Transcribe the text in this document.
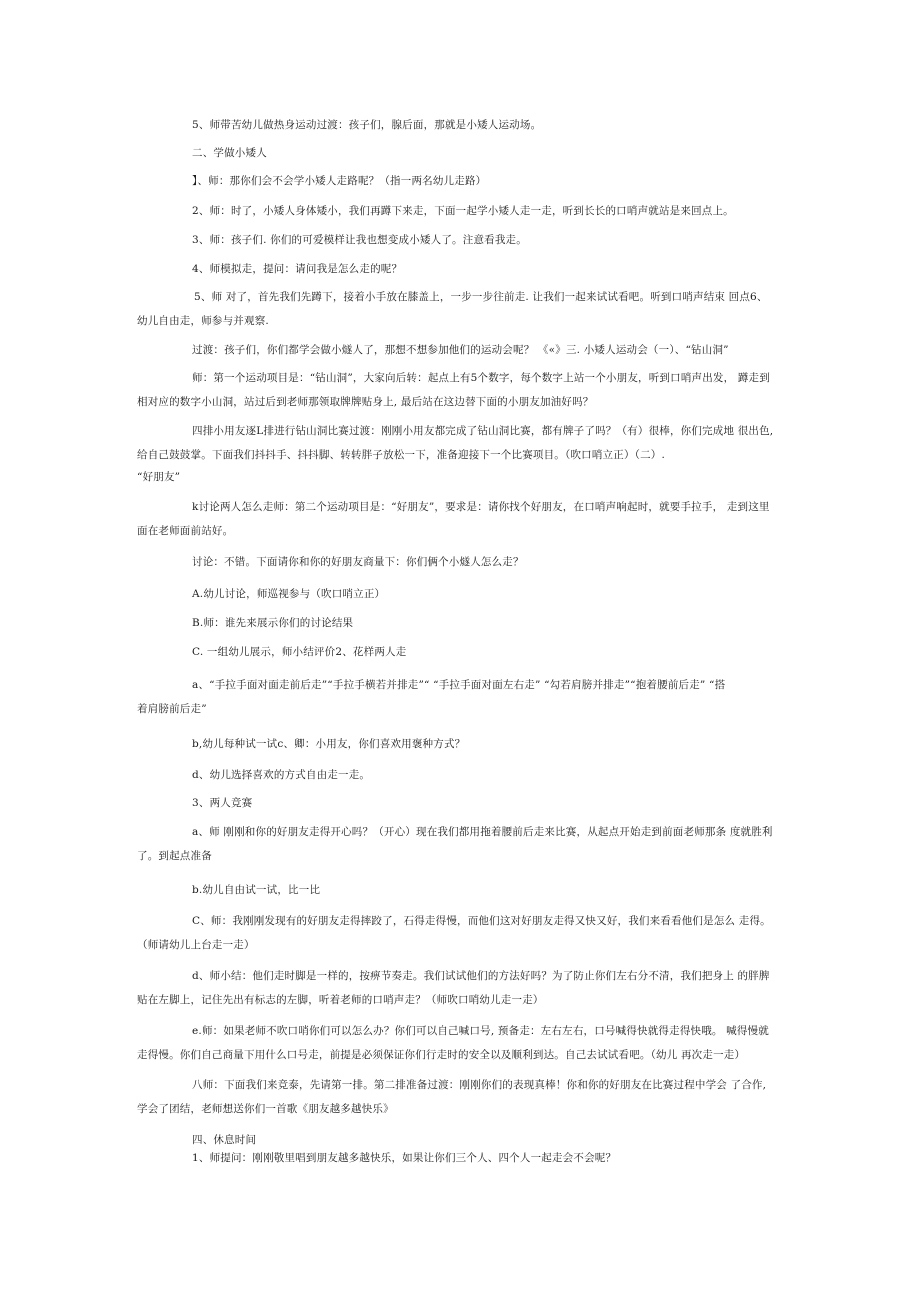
5、师带苦幼儿做热身运动过渡：孩子们，腺后面，那就是小矮人运动场。

二、学做小矮人

】、师：那你们会不会学小矮人走路呢？（指一两名幼儿走路）

2、师：时了，小矮人身体矮小，我们再蹲下来走，下面一起学小矮人走一走，听到长长的口哨声就站是来回点上。

3、师：孩子们. 你们的可爱模样让我也想变成小矮人了。注意看我走。

4、师模拟走，提问：请问我是怎么走的呢？

5、师 对了，首先我们先蹲下，接着小手放在膝盖上，一步一步往前走. 让我们一起来试试看吧。听到口哨声结束 回点6、
幼儿自由走，师参与并观察.

过渡：孩子们，你们都学会做小燧人了，那想不想参加他们的运动会呢？ 《«》三. 小矮人运动会（一）、“钻山洞”

师：第一个运动项目是：“钻山洞”，大家向后转：起点上有5个数字，每个数字上站一个小朋友，听到口哨声出发， 蹲走到
相对应的数字小山洞，站过后到老师那领取牌牌贴身上, 最后站在这边替下面的小朋友加油好吗？
四排小用友逐L排进行钻山洞比赛过渡：刚刚小用友都完成了钻山洞比赛，都有牌子了吗？（有）很棒，你们完成地 很出色,
给自己鼓鼓掌。下面我们抖抖手、抖抖脚、转转胖子放松一下，准备迎接下一个比赛项目。（吹口哨立正）（二）.

“好朋友”

k讨论两人怎么走师：第二个运动项目是：“好朋友”，要求是：请你找个好朋友，在口哨声响起时，就要手拉手， 走到这里
面在老师面前站好。

讨论：不错。下面请你和你的好朋友商量下：你们俩个小燧人怎么走？

A.幼儿讨论，师巡视参与（吹口哨立正）

B.师：谁先来展示你们的讨论结果

C. 一组幼儿展示，师小结评价2、花样两人走

a、“手拉手面对面走前后走”“手拉手横若并排走”“ “手拉手面对面左右走” “勾若肩膀并排走”“抱着腰前后走” “搭
着肩膀前后走”

b,幼儿每种试一试c、卿：小用友，你们喜欢用褒种方式？

d、幼儿选择喜欢的方式自由走一走。

3、两人竞赛

a、师 刚刚和你的好朋友走得开心吗？（开心）现在我们都用拖着腰前后走来比赛，从起点开始走到前面老师那条 度就胜利
了。到起点准备

b.幼儿自由试一试，比一比

C、师：我刚刚发现有的好朋友走得摔跤了，石得走得慢，而他们这对好朋友走得又快又好，我们来看看他们是怎么 走得。
（师请幼儿上台走一走）
d、师小结：他们走时脚是一样的，按痹节奏走。我们试试他们的方法好吗？为了防止你们左右分不清，我们把身上 的胖脾
贴在左脚上，记住先出有标志的左脚，听着老师的口哨声走？（师吹口哨幼儿走一走）
e.师：如果老师不吹口哨你们可以怎么办？你们可以自己喊口号, 预备走：左右左右，口号喊得快就得走得快哦。 喊得慢就
走得慢。你们自己商量下用什么口号走，前提是必须保证你们行走时的安全以及顺利到达。自己去试试看吧。（幼儿 再次走一走）
八师：下面我们来竞泰，先请第一排。第二排准备过渡：刚刚你们的表现真棒！你和你的好朋友在比赛过程中学会 了合作,
学会了团结，老师想送你们一首歌《朋友越多越快乐》

四、休息时间

1、师提问：刚刚敬里唱到朋友越多越快乐，如果让你们三个人、四个人一起走会不会呢？
